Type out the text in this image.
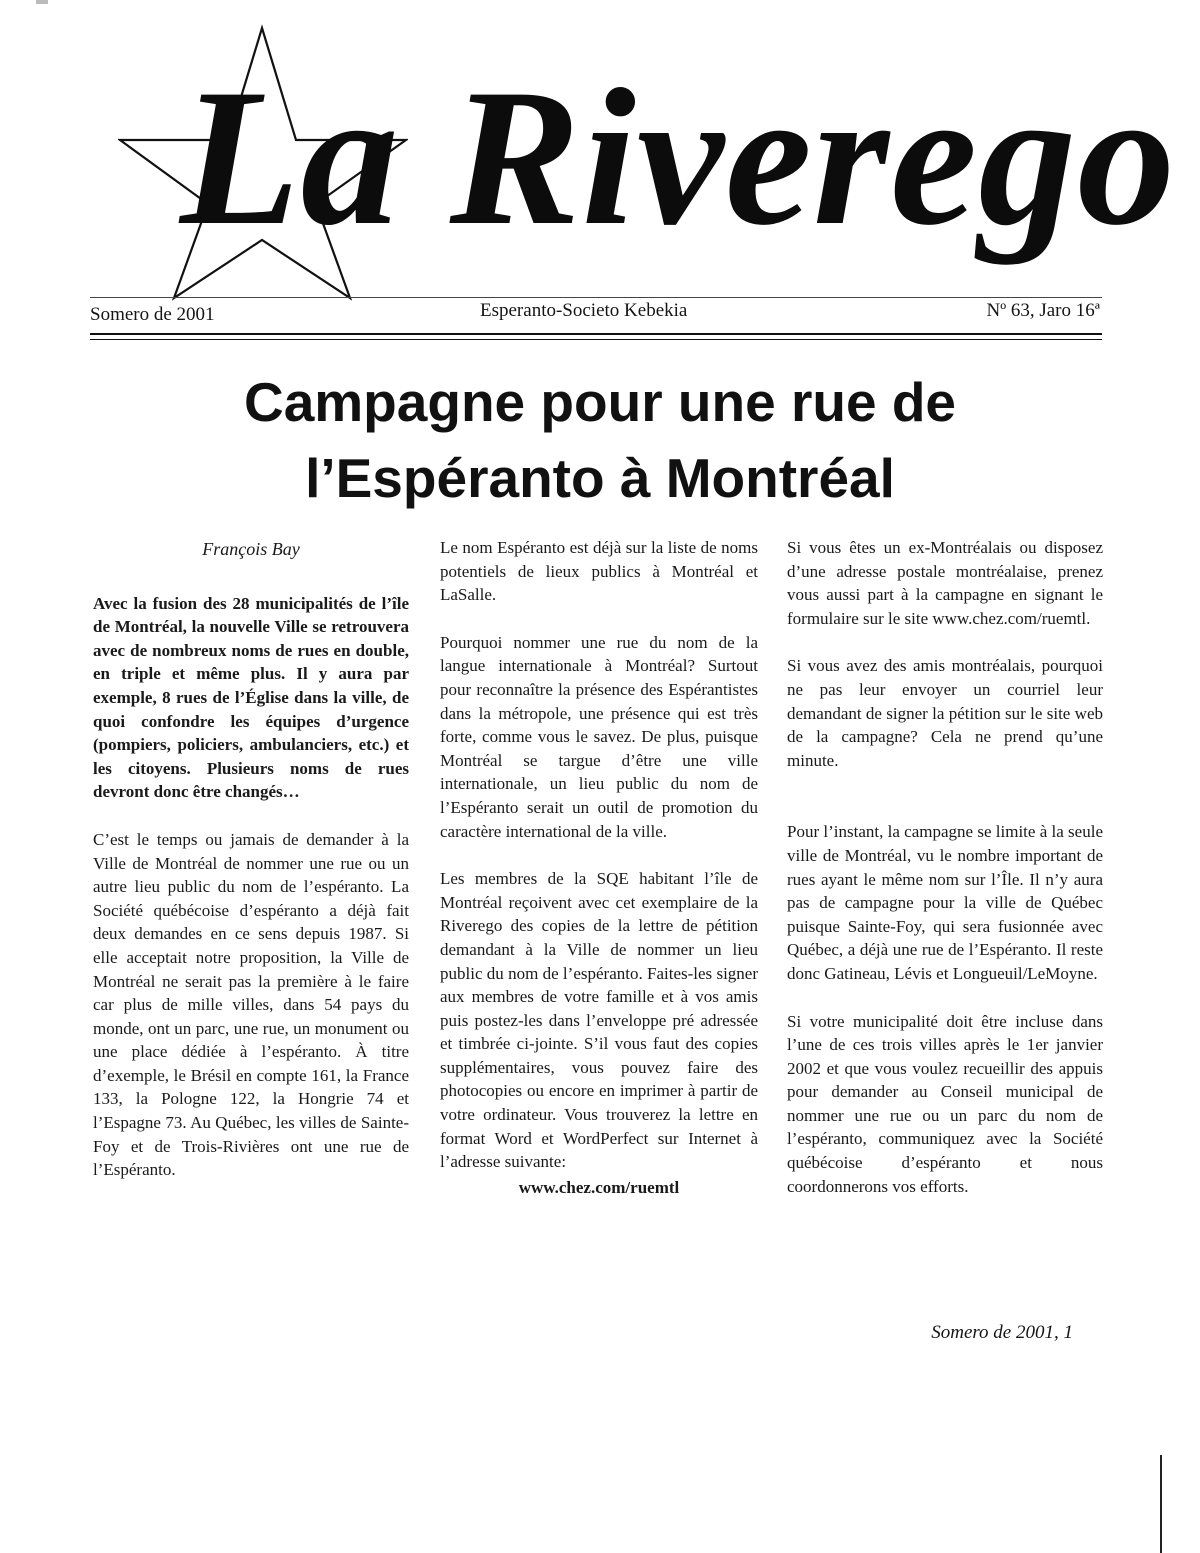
La Riverego
Somero de 2001	Esperanto-Societo Kebekia	Nº 63, Jaro 16ª
Campagne pour une rue de
l’Espéranto à Montréal

François Bay

Avec la fusion des 28 municipalités de l’île de Montréal, la nouvelle Ville se retrouvera avec de nombreux noms de rues en double, en triple et même plus. Il y aura par exemple, 8 rues de l’Église dans la ville, de quoi confondre les équipes d’urgence (pompiers, policiers, ambulanciers, etc.) et les citoyens. Plusieurs noms de rues devront donc être changés…

C’est le temps ou jamais de demander à la Ville de Montréal de nommer une rue ou un autre lieu public du nom de l’espéranto. La Société québécoise d’espéranto a déjà fait deux demandes en ce sens depuis 1987. Si elle acceptait notre proposition, la Ville de Montréal ne serait pas la première à le faire car plus de mille villes, dans 54 pays du monde, ont un parc, une rue, un monument ou une place dédiée à l’espéranto. À titre d’exemple, le Brésil en compte 161, la France 133, la Pologne 122, la Hongrie 74 et l’Espagne 73. Au Québec, les villes de Sainte-Foy et de Trois-Rivières ont une rue de l’Espéranto.

Le nom Espéranto est déjà sur la liste de noms potentiels de lieux publics à Montréal et LaSalle.

Pourquoi nommer une rue du nom de la langue internationale à Montréal? Surtout pour reconnaître la présence des Espérantistes dans la métropole, une présence qui est très forte, comme vous le savez. De plus, puisque Montréal se targue d’être une ville internationale, un lieu public du nom de l’Espéranto serait un outil de promotion du caractère international de la ville.

Les membres de la SQE habitant l’île de Montréal reçoivent avec cet exemplaire de la Riverego des copies de la lettre de pétition demandant à la Ville de nommer un lieu public du nom de l’espéranto. Faites-les signer aux membres de votre famille et à vos amis puis postez-les dans l’enveloppe pré adressée et timbrée ci-jointe. S’il vous faut des copies supplémentaires, vous pouvez faire des photocopies ou encore en imprimer à partir de votre ordinateur. Vous trouverez la lettre en format Word et WordPerfect sur Internet à l’adresse suivante:

www.chez.com/ruemtl

Si vous êtes un ex-Montréalais ou disposez d’une adresse postale montréalaise, prenez vous aussi part à la campagne en signant le formulaire sur le site www.chez.com/ruemtl.

Si vous avez des amis montréalais, pourquoi ne pas leur envoyer un courriel leur demandant de signer la pétition sur le site web de la campagne? Cela ne prend qu’une minute.

Pour l’instant, la campagne se limite à la seule ville de Montréal, vu le nombre important de rues ayant le même nom sur l’Île. Il n’y aura pas de campagne pour la ville de Québec puisque Sainte-Foy, qui sera fusionnée avec Québec, a déjà une rue de l’Espéranto. Il reste donc Gatineau, Lévis et Longueuil/LeMoyne.

Si votre municipalité doit être incluse dans l’une de ces trois villes après le 1er janvier 2002 et que vous voulez recueillir des appuis pour demander au Conseil municipal de nommer une rue ou un parc du nom de l’espéranto, communiquez avec la Société québécoise d’espéranto et nous coordonnerons vos efforts.

Somero de 2001, 1
